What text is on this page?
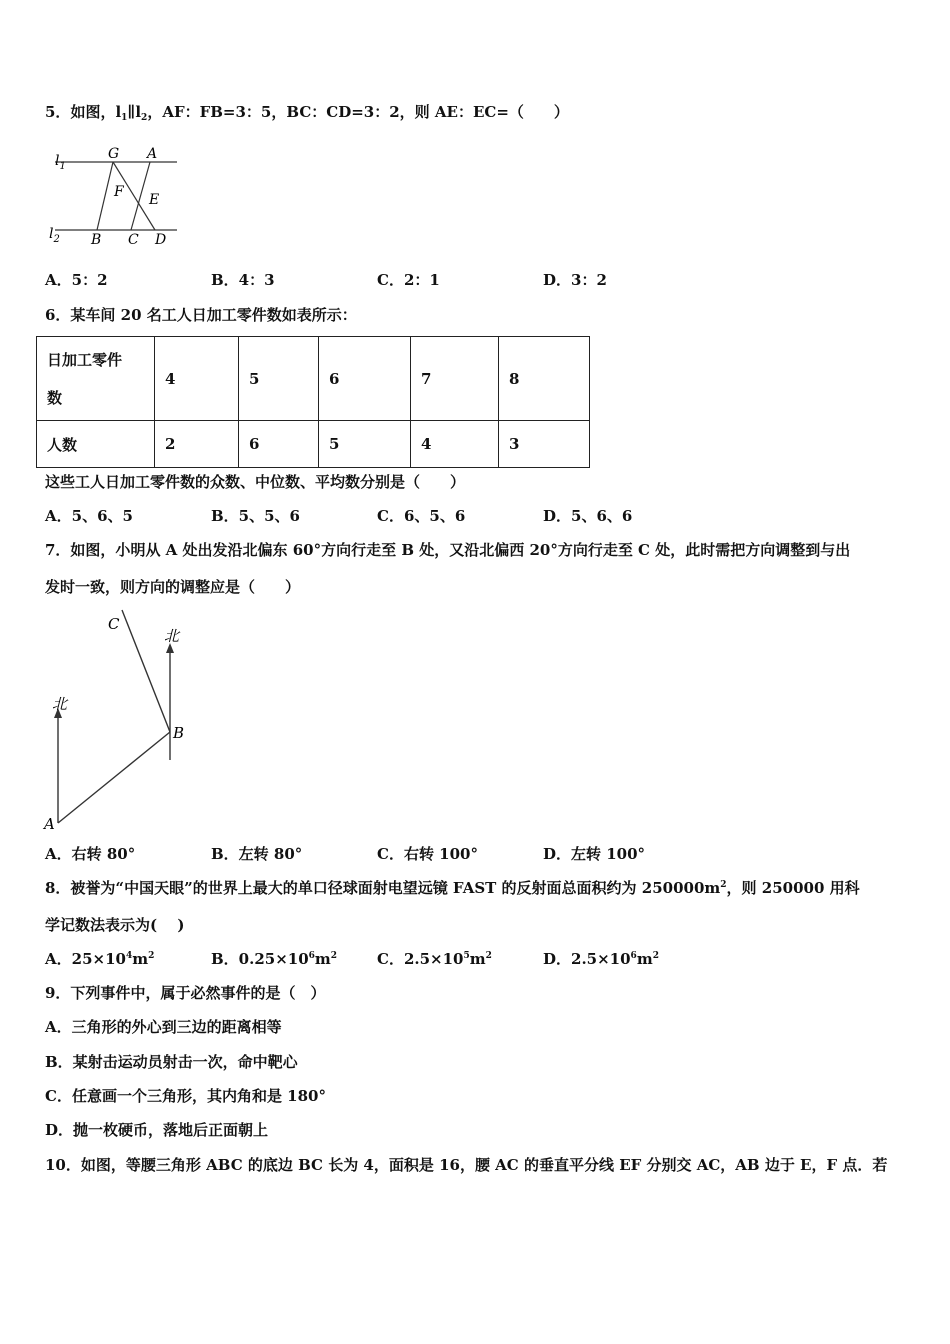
5．如图，$l_1\parallel l_2$，AF：FB=3：5，BC：CD=3：2，则 AE：EC=（　　）
$l_1$
$l_2$
G A
F E
B C D
A．5：2	B．4：3	C．2：1	D．3：2
6．某车间 20 名工人日加工零件数如表所示：
日加工零件
数	4	5	6	7	8
人数	2	6	5	4	3
这些工人日加工零件数的众数、中位数、平均数分别是（　　）
A．5、6、5	B．5、5、6	C．6、5、6	D．5、6、6
7．如图，小明从 A 处出发沿北偏东 60°方向行走至 B 处，又沿北偏西 20°方向行走至 C 处，此时需把方向调整到与出
发时一致，则方向的调整应是（　　）
北
北
A
B
C
A．右转 80°	B．左转 80°	C．右转 100°	D．左转 100°
8．被誉为“中国天眼”的世界上最大的单口径球面射电望远镜 FAST 的反射面总面积约为 $250000m^2$，则 250000 用科
学记数法表示为(　 )
A．$25\times 10^4m^2$	B．$0.25\times 10^6m^2$	C．$2.5\times 10^5m^2$	D．$2.5\times 10^6m^2$
9．下列事件中，属于必然事件的是（　）
A．三角形的外心到三边的距离相等
B．某射击运动员射击一次，命中靶心
C．任意画一个三角形，其内角和是 180°
D．抛一枚硬币，落地后正面朝上
10．如图，等腰三角形 ABC 的底边 BC 长为 4，面积是 16，腰 AC 的垂直平分线 EF 分别交 AC，AB 边于 E，F 点．若
